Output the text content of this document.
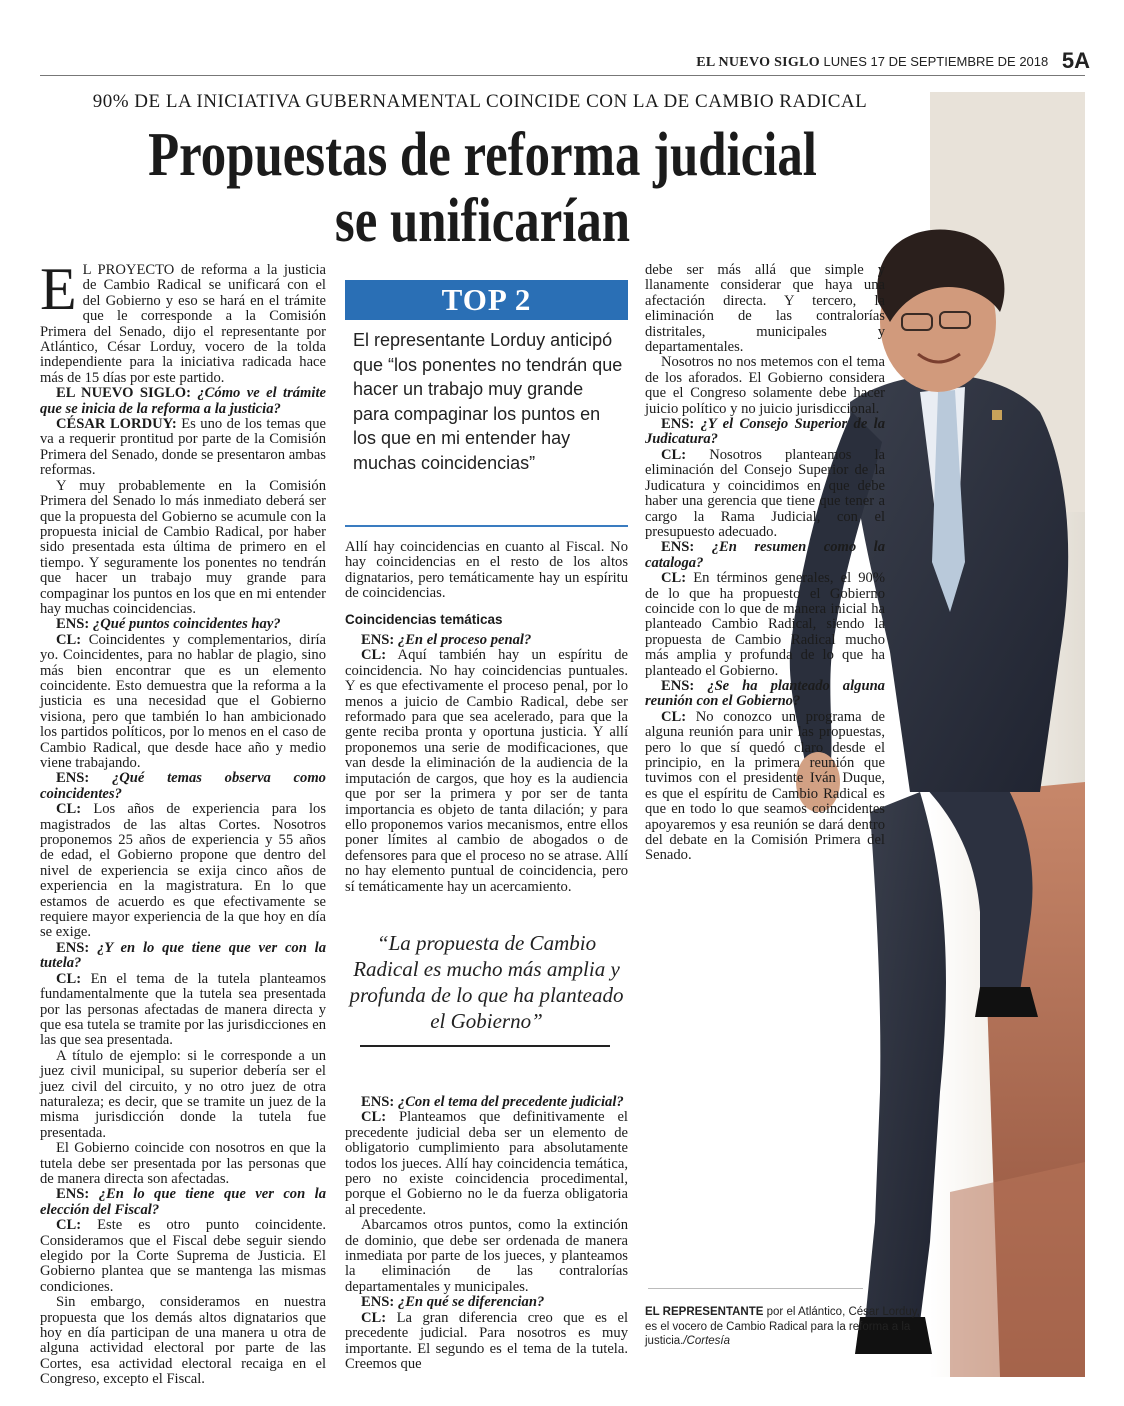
EL NUEVO SIGLO LUNES 17 DE SEPTIEMBRE DE 2018 5A
90% DE LA INICIATIVA GUBERNAMENTAL COINCIDE CON LA DE CAMBIO RADICAL
Propuestas de reforma judicial
se unificarían

E L PROYECTO de reforma a la justicia de Cambio Radical se unificará con el del Gobierno y eso se hará en el trámite que le corresponde a la Comisión Primera del Senado, dijo el representante por Atlántico, César Lorduy, vocero de la tolda independiente para la iniciativa radicada hace más de 15 días por este partido.

EL NUEVO SIGLO: ¿Cómo ve el trámite que se inicia de la reforma a la justicia?

CÉSAR LORDUY: Es uno de los temas que va a requerir prontitud por parte de la Comisión Primera del Senado, donde se presentaron ambas reformas.

Y muy probablemente en la Comisión Primera del Senado lo más inmediato deberá ser que la propuesta del Gobierno se acumule con la propuesta inicial de Cambio Radical, por haber sido presentada esta última de primero en el tiempo. Y seguramente los ponentes no tendrán que hacer un trabajo muy grande para compaginar los puntos en los que en mi entender hay muchas coincidencias.

ENS: ¿Qué puntos coincidentes hay?

CL: Coincidentes y complementarios, diría yo. Coincidentes, para no hablar de plagio, sino más bien encontrar que es un elemento coincidente. Esto demuestra que la reforma a la justicia es una necesidad que el Gobierno visiona, pero que también lo han ambicionado los partidos políticos, por lo menos en el caso de Cambio Radical, que desde hace año y medio viene trabajando.

ENS: ¿Qué temas observa como coincidentes?

CL: Los años de experiencia para los magistrados de las altas Cortes. Nosotros proponemos 25 años de experiencia y 55 años de edad, el Gobierno propone que dentro del nivel de experiencia se exija cinco años de experiencia en la magistratura. En lo que estamos de acuerdo es que efectivamente se requiere mayor experiencia de la que hoy en día se exige.

ENS: ¿Y en lo que tiene que ver con la tutela?

CL: En el tema de la tutela planteamos fundamentalmente que la tutela sea presentada por las personas afectadas de manera directa y que esa tutela se tramite por las jurisdicciones en las que sea presentada.

A título de ejemplo: si le corresponde a un juez civil municipal, su superior debería ser el juez civil del circuito, y no otro juez de otra naturaleza; es decir, que se tramite un juez de la misma jurisdicción donde la tutela fue presentada.

El Gobierno coincide con nosotros en que la tutela debe ser presentada por las personas que de manera directa son afectadas.

ENS: ¿En lo que tiene que ver con la elección del Fiscal?

CL: Este es otro punto coincidente. Consideramos que el Fiscal debe seguir siendo elegido por la Corte Suprema de Justicia. El Gobierno plantea que se mantenga las mismas condiciones.

Sin embargo, consideramos en nuestra propuesta que los demás altos dignatarios que hoy en día participan de una manera u otra de alguna actividad electoral por parte de las Cortes, esa actividad electoral recaiga en el Congreso, excepto el Fiscal.

TOP 2
El representante Lorduy anticipó que “los ponentes no tendrán que hacer un trabajo muy grande para compaginar los puntos en los que en mi entender hay muchas coincidencias”

Allí hay coincidencias en cuanto al Fiscal. No hay coincidencias en el resto de los altos dignatarios, pero temáticamente hay un espíritu de coincidencias.

Coincidencias temáticas

ENS: ¿En el proceso penal?

CL: Aquí también hay un espíritu de coincidencia. No hay coincidencias puntuales. Y es que efectivamente el proceso penal, por lo menos a juicio de Cambio Radical, debe ser reformado para que sea acelerado, para que la gente reciba pronta y oportuna justicia. Y allí proponemos una serie de modificaciones, que van desde la eliminación de la audiencia de la imputación de cargos, que hoy es la audiencia que por ser la primera y por ser de tanta importancia es objeto de tanta dilación; y para ello proponemos varios mecanismos, entre ellos poner límites al cambio de abogados o de defensores para que el proceso no se atrase. Allí no hay elemento puntual de coincidencia, pero sí temáticamente hay un acercamiento.

“La propuesta de Cambio Radical es mucho más amplia y profunda de lo que ha planteado el Gobierno”

ENS: ¿Con el tema del precedente judicial?

CL: Planteamos que definitivamente el precedente judicial deba ser un elemento de obligatorio cumplimiento para absolutamente todos los jueces. Allí hay coincidencia temática, pero no existe coincidencia procedimental, porque el Gobierno no le da fuerza obligatoria al precedente.

Abarcamos otros puntos, como la extinción de dominio, que debe ser ordenada de manera inmediata por parte de los jueces, y planteamos la eliminación de las contralorías departamentales y municipales.

ENS: ¿En qué se diferencian?

CL: La gran diferencia creo que es el precedente judicial. Para nosotros es muy importante. El segundo es el tema de la tutela. Creemos que

debe ser más allá que simple y llanamente considerar que haya una afectación directa. Y tercero, la eliminación de las contralorías distritales, municipales y departamentales.

Nosotros no nos metemos con el tema de los aforados. El Gobierno considera que el Congreso solamente debe hacer juicio político y no juicio jurisdiccional.

ENS: ¿Y el Consejo Superior de la Judicatura?

CL: Nosotros planteamos la eliminación del Consejo Superior de la Judicatura y coincidimos en que debe haber una gerencia que tiene que tener a cargo la Rama Judicial, con el presupuesto adecuado.

ENS: ¿En resumen como la cataloga?

CL: En términos generales, el 90% de lo que ha propuesto el Gobierno coincide con lo que de manera inicial ha planteado Cambio Radical, siendo la propuesta de Cambio Radical mucho más amplia y profunda de lo que ha planteado el Gobierno.

ENS: ¿Se ha planteado alguna reunión con el Gobierno?

CL: No conozco un programa de alguna reunión para unir las propuestas, pero lo que sí quedó claro desde el principio, en la primera reunión que tuvimos con el presidente Iván Duque, es que el espíritu de Cambio Radical es que en todo lo que seamos coincidentes apoyaremos y esa reunión se dará dentro del debate en la Comisión Primera del Senado.

EL REPRESENTANTE por el Atlántico, César Lorduy, es el vocero de Cambio Radical para la reforma a la justicia./Cortesía
